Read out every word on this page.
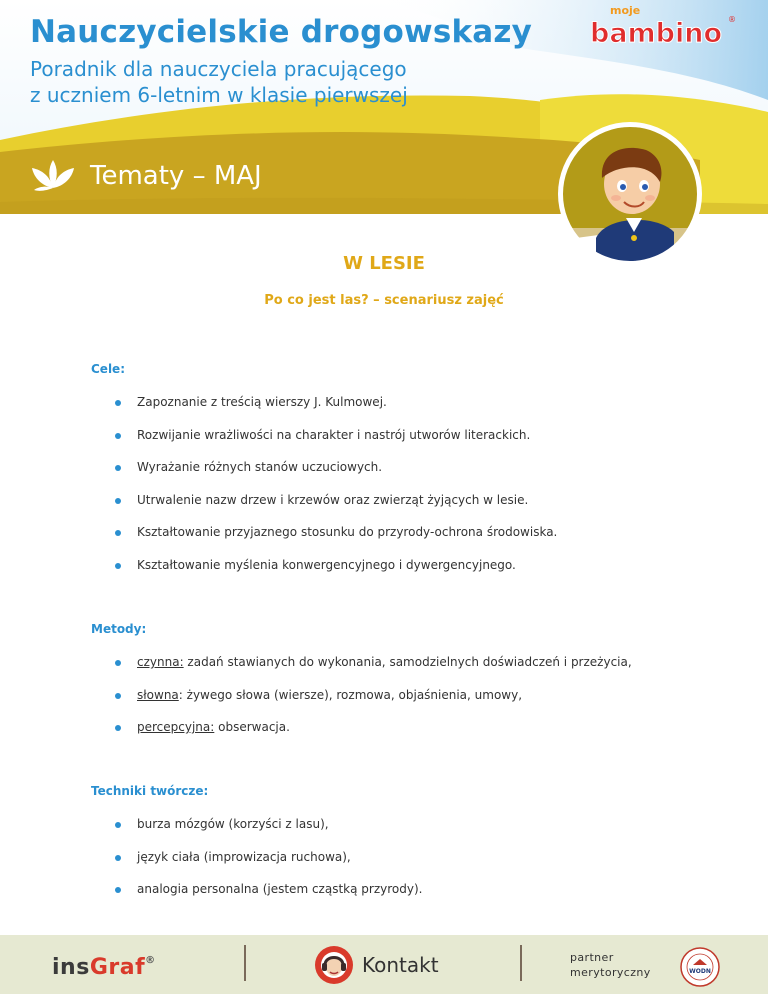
Nauczycielskie drogowskazy
Poradnik dla nauczyciela pracującego
z uczniem 6-letnim w klasie pierwszej
Tematy – MAJ
moje
bambino ®
W LESIE
Po co jest las? – scenariusz zajęć
Cele:
Zapoznanie z treścią wierszy J. Kulmowej.
Rozwijanie wrażliwości na charakter i nastrój utworów literackich.
Wyrażanie różnych stanów uczuciowych.
Utrwalenie nazw drzew i krzewów oraz zwierząt żyjących w lesie.
Kształtowanie przyjaznego stosunku do przyrody-ochrona środowiska.
Kształtowanie myślenia konwergencyjnego i dywergencyjnego.
Metody:
czynna: zadań stawianych do wykonania, samodzielnych doświadczeń i przeżycia,
słowna: żywego słowa (wiersze), rozmowa, objaśnienia, umowy,
percepcyjna: obserwacja.
Techniki twórcze:
burza mózgów (korzyści z lasu),
język ciała (improwizacja ruchowa),
analogia personalna (jestem cząstką przyrody).
insGraf®	Kontakt	partner
merytoryczny	WODN
